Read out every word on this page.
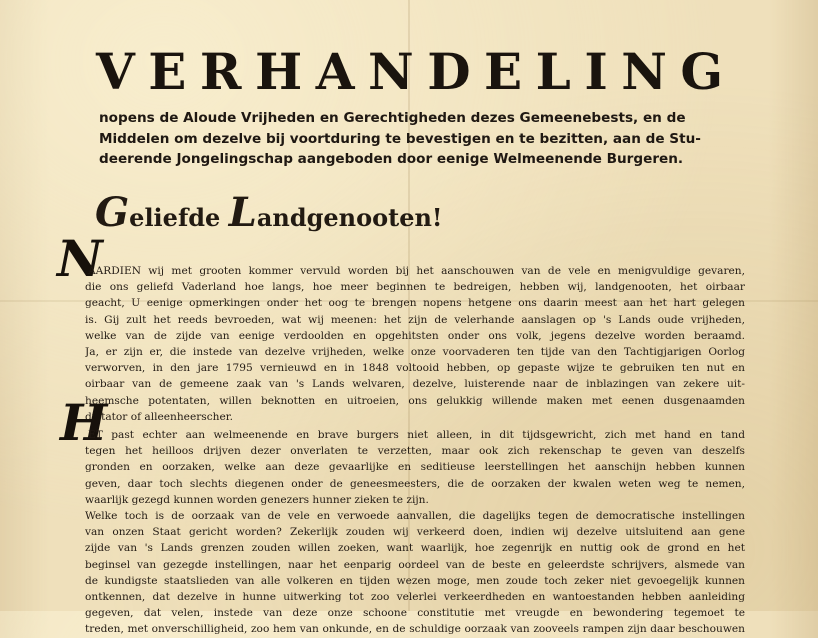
VERHANDELING
nopens de Aloude Vrijheden en Gerechtigheden dezes Gemeenebests, en de
Middelen om dezelve bij voortduring te bevestigen en te bezitten, aan de Stu-
deerende Jongelingschap aangeboden door eenige Welmeenende Burgeren.
Geliefde Landgenooten!
N
AARDIEN wij met grooten kommer vervuld worden bij het aanschouwen van de vele en menigvuldige gevaren,
die ons geliefd Vaderland hoe langs, hoe meer beginnen te bedreigen, hebben wij, landgenooten, het oirbaar
geacht, U eenige opmerkingen onder het oog te brengen nopens hetgene ons daarin meest aan het hart gelegen
is. Gij zult het reeds bevroeden, wat wij meenen: het zijn de velerhande aanslagen op 's Lands oude vrijheden,
welke van de zijde van eenige verdoolden en opgehitsten onder ons volk, jegens dezelve worden beraamd.
Ja, er zijn er, die instede van dezelve vrijheden, welke onze voorvaderen ten tijde van den Tachtigjarigen Oorlog
verworven, in den jare 1795 vernieuwd en in 1848 voltooid hebben, op gepaste wijze te gebruiken ten nut en
oirbaar van de gemeene zaak van 's Lands welvaren, dezelve, luisterende naar de inblazingen van zekere uit-
heemsche potentaten, willen beknotten en uitroeien, ons gelukkig willende maken met eenen dusgenaamden
dictator of alleenheerscher.
H
ET past echter aan welmeenende en brave burgers niet alleen, in dit tijdsgewricht, zich met hand en tand
tegen het heilloos drijven dezer onverlaten te verzetten, maar ook zich rekenschap te geven van deszelfs
gronden en oorzaken, welke aan deze gevaarlijke en seditieuse leerstellingen het aanschijn hebben kunnen
geven, daar toch slechts diegenen onder de geneesmeesters, die de oorzaken der kwalen weten weg te nemen,
waarlijk gezegd kunnen worden genezers hunner zieken te zijn.
Welke toch is de oorzaak van de vele en verwoede aanvallen, die dagelijks tegen de democratische instellingen
van onzen Staat gericht worden? Zekerlijk zouden wij verkeerd doen, indien wij dezelve uitsluitend aan gene
zijde van 's Lands grenzen zouden willen zoeken, want waarlijk, hoe zegenrijk en nuttig ook de grond en het
beginsel van gezegde instellingen, naar het eenparig oordeel van de beste en geleerdste schrijvers, alsmede van
de kundigste staatslieden van alle volkeren en tijden wezen moge, men zoude toch zeker niet gevoegelijk kunnen
ontkennen, dat dezelve in hunne uitwerking tot zoo velerlei verkeerdheden en wantoestanden hebben aanleiding
gegeven, dat velen, instede van deze onze schoone constitutie met vreugde en bewondering tegemoet te
treden, met onverschilligheid, zoo hem van onkunde, en de schuldige oorzaak van zooveels rampen zijn daar beschouwen
